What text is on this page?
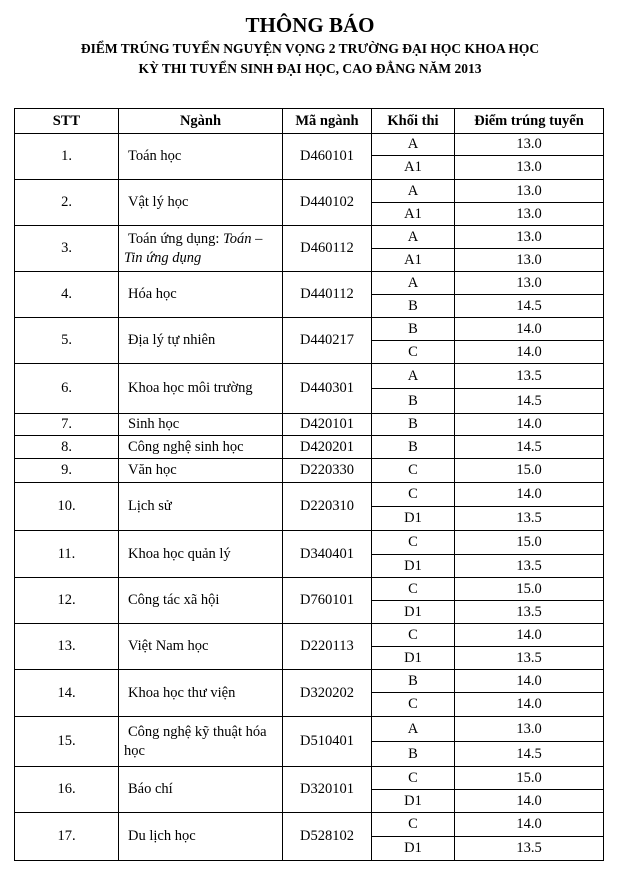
THÔNG BÁO
ĐIỂM TRÚNG TUYỂN NGUYỆN VỌNG 2 TRƯỜNG ĐẠI HỌC KHOA HỌC
KỲ THI TUYỂN SINH ĐẠI HỌC, CAO ĐẲNG NĂM 2013
STT	Ngành	Mã ngành	Khối thi	Điểm trúng tuyển
1.	Toán học	D460101	A	13.0
			A1	13.0
2.	Vật lý học	D440102	A	13.0
			A1	13.0
3.	Toán ứng dụng: Toán – Tin ứng dụng	D460112	A	13.0
			A1	13.0
4.	Hóa học	D440112	A	13.0
			B	14.5
5.	Địa lý tự nhiên	D440217	B	14.0
			C	14.0
6.	Khoa học môi trường	D440301	A	13.5
			B	14.5
7.	Sinh học	D420101	B	14.0
8.	Công nghệ sinh học	D420201	B	14.5
9.	Văn học	D220330	C	15.0
10.	Lịch sử	D220310	C	14.0
			D1	13.5
11.	Khoa học quản lý	D340401	C	15.0
			D1	13.5
12.	Công tác xã hội	D760101	C	15.0
			D1	13.5
13.	Việt Nam học	D220113	C	14.0
			D1	13.5
14.	Khoa học thư viện	D320202	B	14.0
			C	14.0
15.	Công nghệ kỹ thuật hóa học	D510401	A	13.0
			B	14.5
16.	Báo chí	D320101	C	15.0
			D1	14.0
17.	Du lịch học	D528102	C	14.0
			D1	13.5
